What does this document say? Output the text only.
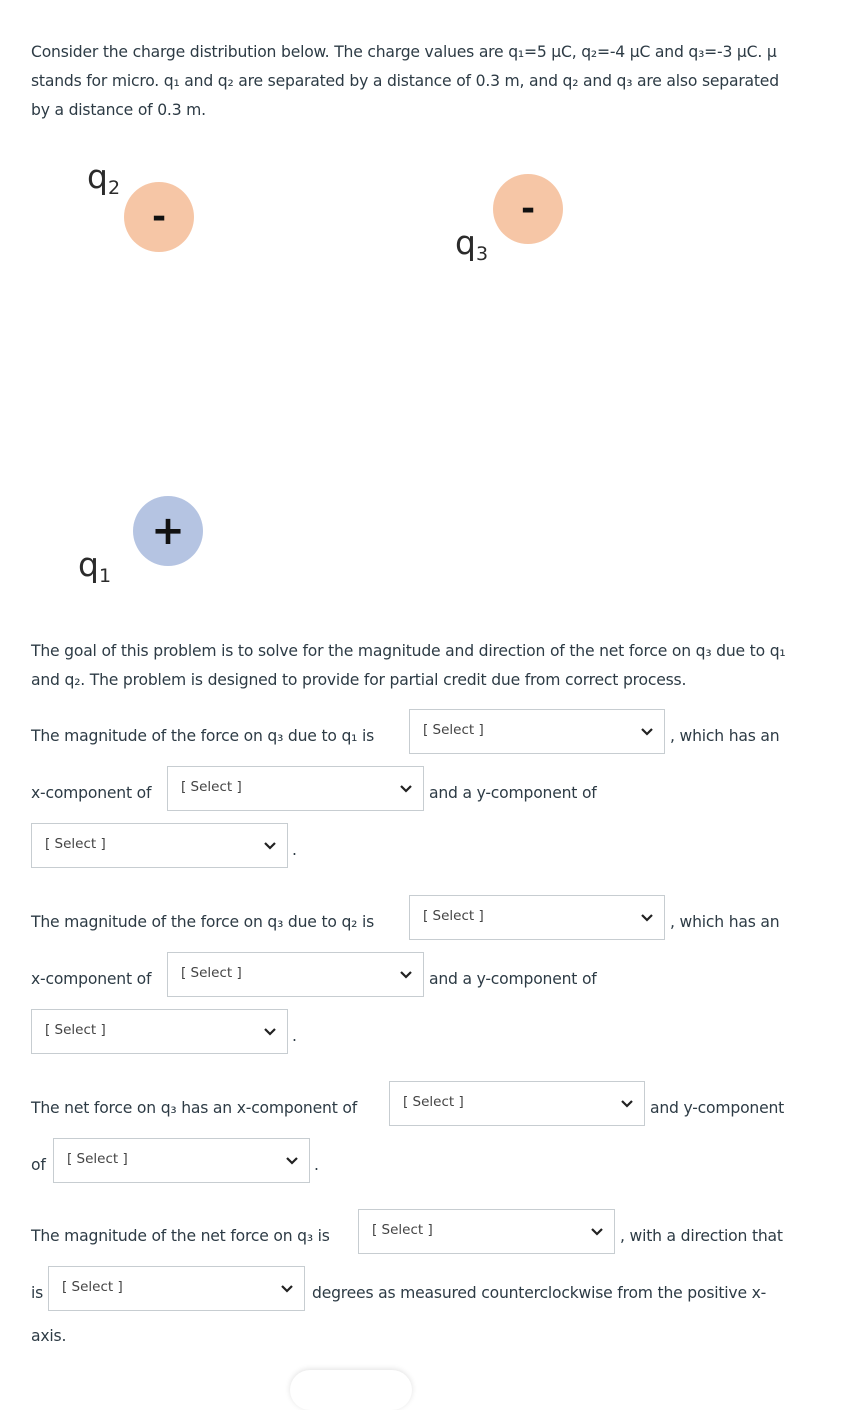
Consider the charge distribution below. The charge values are q₁=5 μC, q₂=-4 μC and q₃=-3 μC. μ stands for micro. q₁ and q₂ are separated by a distance of 0.3 m, and q₂ and q₃ are also separated by a distance of 0.3 m.
$q_2$
-	-
$q_3$
+
$q_1$
The goal of this problem is to solve for the magnitude and direction of the net force on q₃ due to q₁ and q₂. The problem is designed to provide for partial credit due from correct process.
The magnitude of the force on q₃ due to q₁ is	[ Select ]	, which has an
x-component of [ Select ]	and a y-component of
[ Select ]	.
The magnitude of the force on q₃ due to q₂ is	[ Select ]	, which has an
x-component of [ Select ]	and a y-component of
[ Select ]	.
The net force on q₃ has an x-component of	[ Select ]	and y-component
of [ Select ]	.
The magnitude of the net force on q₃ is	[ Select ]	, with a direction that
is [ Select ]	degrees as measured counterclockwise from the positive x-
axis.
